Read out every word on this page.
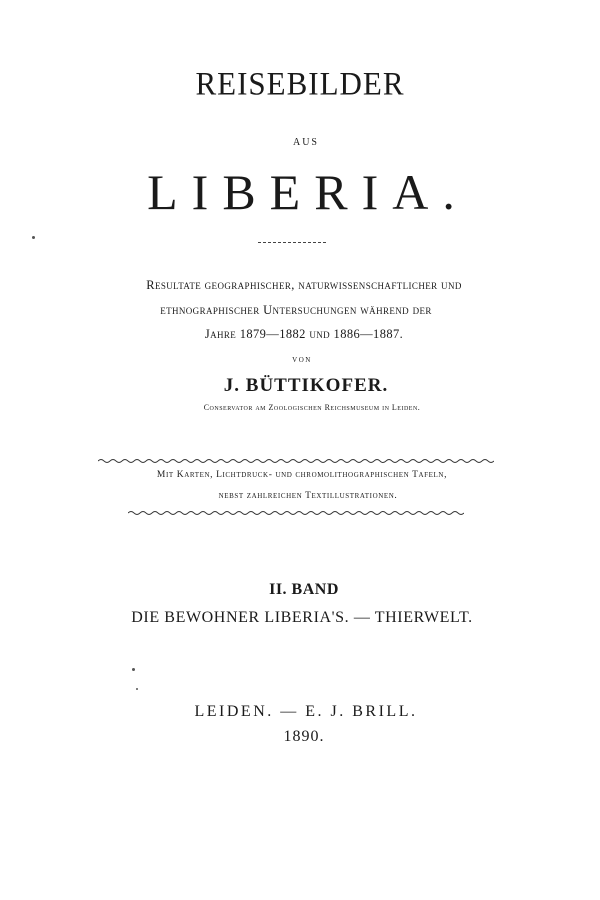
REISEBILDER
aus
LIBERIA.
Resultate geographischer, naturwissenschaftlicher und
ethnographischer Untersuchungen während der
Jahre 1879—1882 und 1886—1887.
von
J. BÜTTIKOFER.
Conservator am Zoologischen Reichsmuseum in Leiden.
Mit Karten, Lichtdruck- und chromolithographischen Tafeln,
nebst zahlreichen Textillustrationen.
II. BAND
DIE BEWOHNER LIBERIA'S. — THIERWELT.
LEIDEN. — E. J. BRILL.
1890.
